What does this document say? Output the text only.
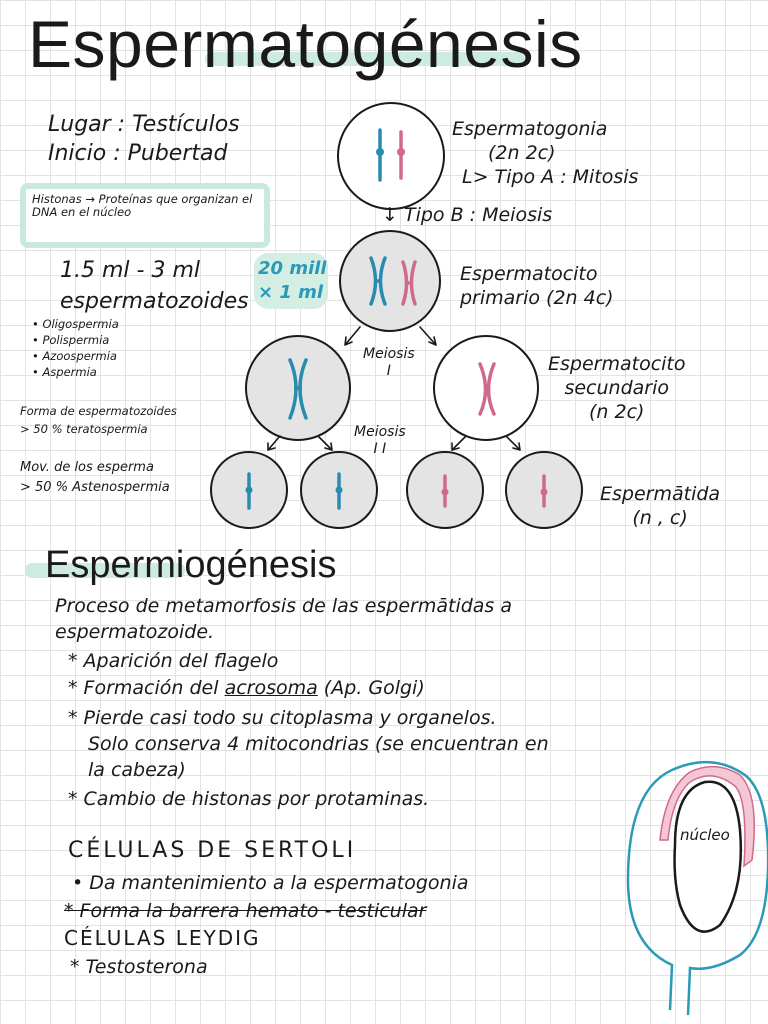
Espermatogénesis
Lugar : Testículos
Inicio : Pubertad
Histonas → Proteínas que organizan el DNA en el núcleo
1.5 ml - 3 ml
espermatozoides
20 mill
× 1 ml
• Oligospermia
• Polispermia
• Azoospermia
• Aspermia
Forma de espermatozoides
> 50 % teratospermia
Mov. de los esperma
> 50 % Astenospermia
Espermatogonia
(2n 2c)
L> Tipo A : Mitosis
↓ Tipo B : Meiosis
Espermatocito
primario (2n 4c)
Meiosis
I	Espermatocito
secundario
(n 2c)
Meiosis
I I
Espermātida
(n , c)
Espermiogénesis
Proceso de metamorfosis de las espermātidas a
espermatozoide.
* Aparición del flagelo
* Formación del acrosoma (Ap. Golgi)
* Pierde casi todo su citoplasma y organelos.
Solo conserva 4 mitocondrias (se encuentran en
la cabeza)
* Cambio de histonas por protaminas.
CÉLULAS DE SERTOLI
• Da mantenimiento a la espermatogonia
* Forma la barrera hemato - testicular
CÉLULAS LEYDIG
* Testosterona
núcleo
